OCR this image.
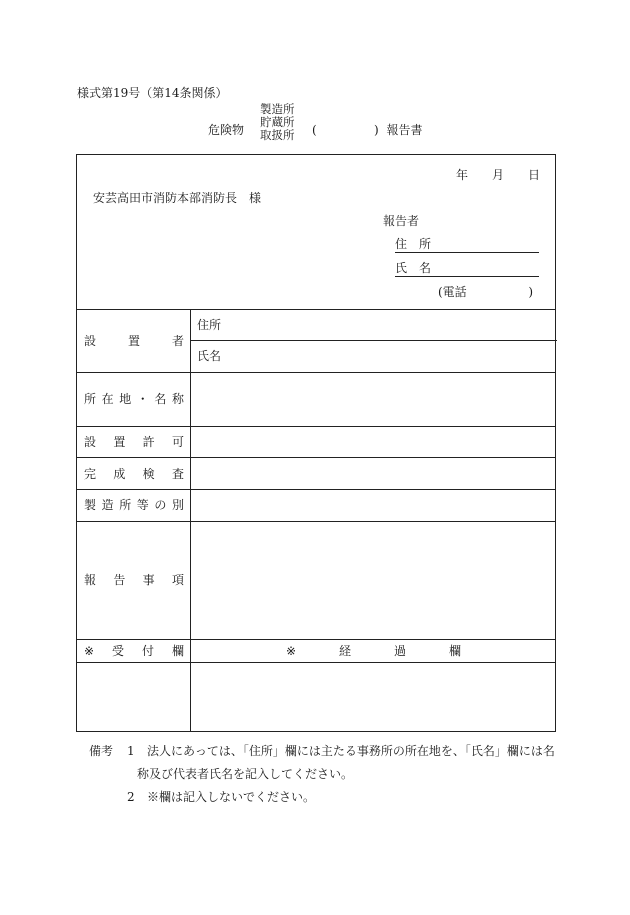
様式第19号（第14条関係）
危険物
製造所
貯蔵所
取扱所	(	) 報告書
年 月 日
安芸高田市消防本部消防長　様
報告者
住　所
氏　名
(電話	)
設	置	者
住所
氏名
所 在 地 ・ 名 称
設 置 許 可
完 成 検 査
製 造 所 等 の 別
報 告 事 項
※ 受 付 欄	※	経	過	欄
備考 1 法人にあっては、「住所」欄には主たる事務所の所在地を、「氏名」欄には名
称及び代表者氏名を記入してください。
2 ※欄は記入しないでください。
